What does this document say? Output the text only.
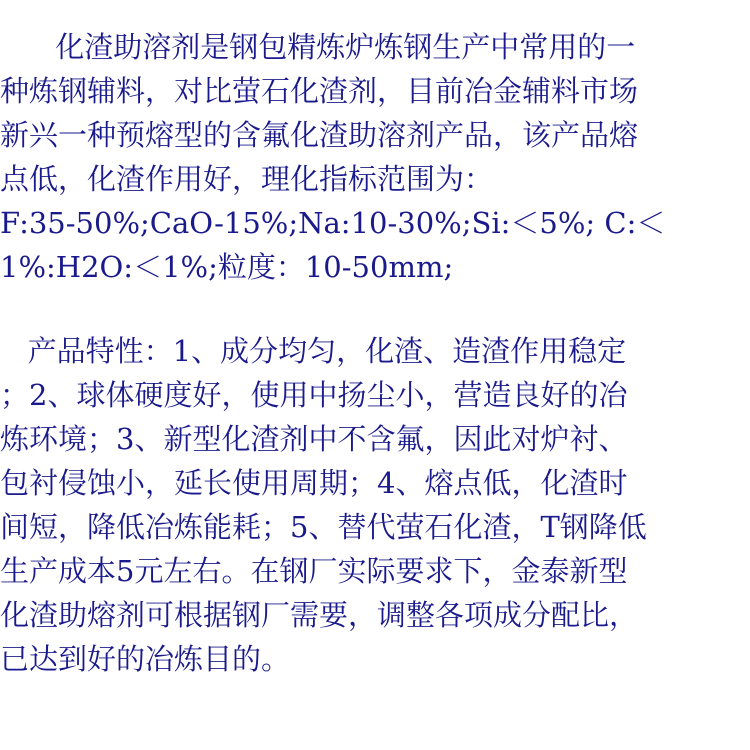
化渣助溶剂是钢包精炼炉炼钢生产中常用的一
种炼钢辅料，对比萤石化渣剂，目前冶金辅料市场
新兴一种预熔型的含氟化渣助溶剂产品，该产品熔
点低，化渣作用好，理化指标范围为：
F:35-50%;CaO-15%;Na:10-30%;Si:＜5%; C:＜
1%:H2O:＜1%;粒度：10-50mm;
产品特性：1、成分均匀，化渣、造渣作用稳定
；2、球体硬度好，使用中扬尘小，营造良好的冶
炼环境；3、新型化渣剂中不含氟，因此对炉衬、
包衬侵蚀小，延长使用周期；4、熔点低，化渣时
间短，降低冶炼能耗；5、替代萤石化渣，T钢降低
生产成本5元左右。在钢厂实际要求下，金泰新型
化渣助熔剂可根据钢厂需要，调整各项成分配比，
已达到好的冶炼目的。
